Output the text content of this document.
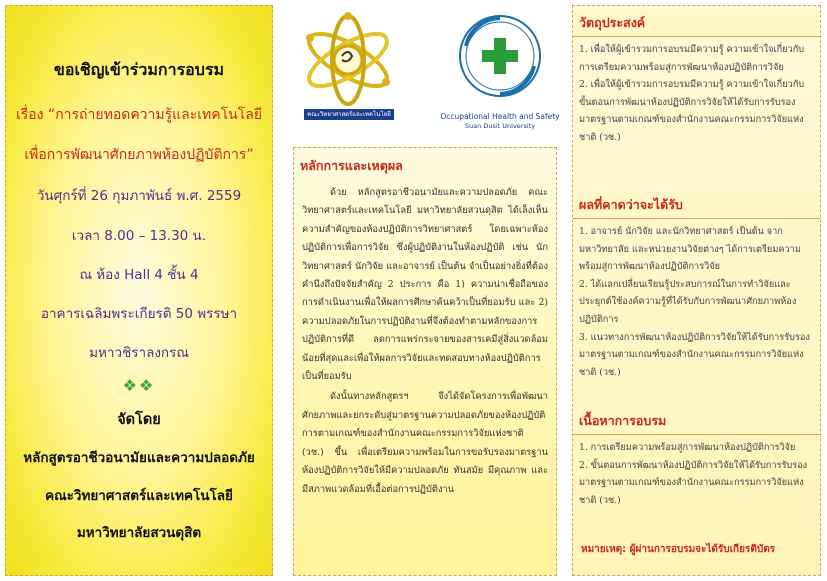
ขอเชิญเข้าร่วมการอบรม
เรื่อง “การถ่ายทอดความรู้และเทคโนโลยี
เพื่อการพัฒนาศักยภาพห้องปฏิบัติการ”
วันศุกร์ที่ 26 กุมภาพันธ์ พ.ศ. 2559
เวลา 8.00 – 13.30 น.
ณ ห้อง Hall 4 ชั้น 4
อาคารเฉลิมพระเกียรติ 50 พรรษา
มหาวชิราลงกรณ
❖❖
จัดโดย
หลักสูตรอาชีวอนามัยและความปลอดภัย
คณะวิทยาศาสตร์และเทคโนโลยี
มหาวิทยาลัยสวนดุสิต
คณะวิทยาศาสตร์และเทคโนโลยี	Occupational Health and Safety
Suan Dusit University
หลักการและเหตุผล

ด้วย หลักสูตรอาชีวอนามัยและความปลอดภัย คณะวิทยาศาสตร์และเทคโนโลยี มหาวิทยาลัยสวนดุสิต ได้เล็งเห็นความสำคัญของห้องปฏิบัติการวิทยาศาสตร์ โดยเฉพาะห้องปฏิบัติการเพื่อการวิจัย ซึ่งผู้ปฏิบัติงานในห้องปฏิบัติ เช่น นักวิทยาศาสตร์ นักวิจัย และอาจารย์ เป็นต้น จำเป็นอย่างยิ่งที่ต้องคำนึงถึงปัจจัยสำคัญ 2 ประการ คือ 1) ความน่าเชื่อถือของการดำเนินงานเพื่อให้ผลการศึกษาค้นคว้าเป็นที่ยอมรับ และ 2) ความปลอดภัยในการปฏิบัติงานที่จึงต้องทำตามหลักของการปฏิบัติการที่ดี ลดการแพร่กระจายของสารเคมีสู่สิ่งแวดล้อมน้อยที่สุดและเพื่อให้ผลการวิจัยและทดสอบทางห้องปฏิบัติการเป็นที่ยอมรับ

ดังนั้นทางหลักสูตรฯ จึงได้จัดโครงการเพื่อพัฒนาศักยภาพและยกระดับสู่มาตรฐานความปลอดภัยของห้องปฏิบัติการตามเกณฑ์ของสำนักงานคณะกรรมการวิจัยแห่งชาติ (วช.) ขึ้น เพื่อเตรียมความพร้อมในการขอรับรองมาตรฐานห้องปฏิบัติการวิจัยให้มีความปลอดภัย ทันสมัย มีคุณภาพ และมีสภาพแวดล้อมที่เอื้อต่อการปฏิบัติงาน

วัตถุประสงค์
1. เพื่อให้ผู้เข้ารวมการอบรมมีความรู้ ความเข้าใจเกี่ยวกับการเตรียมความพร้อมสู่การพัฒนาห้องปฏิบัติการวิจัย
2. เพื่อให้ผู้เข้ารวมการอบรมมีความรู้ ความเข้าใจเกี่ยวกับขั้นตอนการพัฒนาห้องปฏิบัติการวิจัยให้ได้รับการรับรองมาตรฐานตามเกณฑ์ของสำนักงานคณะกรรมการวิจัยแห่งชาติ (วช.)
ผลที่คาดว่าจะได้รับ
1. อาจารย์ นักวิจัย และนักวิทยาศาสตร์ เป็นต้น จากมหาวิทยาลัย และหน่วยงานวิจัยต่างๆ ได้การเตรียมความพร้อมสู่การพัฒนาห้องปฏิบัติการวิจัย
2. ได้แลกเปลี่ยนเรียนรู้ประสบการณ์ในการทำวิจัยและประยุกต์ใช้องค์ความรู้ที่ได้รับกับการพัฒนาศักยภาพห้องปฏิบัติการ
3. แนวทางการพัฒนาห้องปฏิบัติการวิจัยให้ได้รับการรับรองมาตรฐานตามเกณฑ์ของสำนักงานคณะกรรมการวิจัยแห่งชาติ (วช.)
เนื้อหาการอบรม
1. การเตรียมความพร้อมสู่การพัฒนาห้องปฏิบัติการวิจัย
2. ขั้นตอนการพัฒนาห้องปฏิบัติการวิจัยให้ได้รับการรับรองมาตรฐานตามเกณฑ์ของสำนักงานคณะกรรมการวิจัยแห่งชาติ (วช.)
หมายเหตุ: ผู้ผ่านการอบรมจะได้รับเกียรติบัตร
